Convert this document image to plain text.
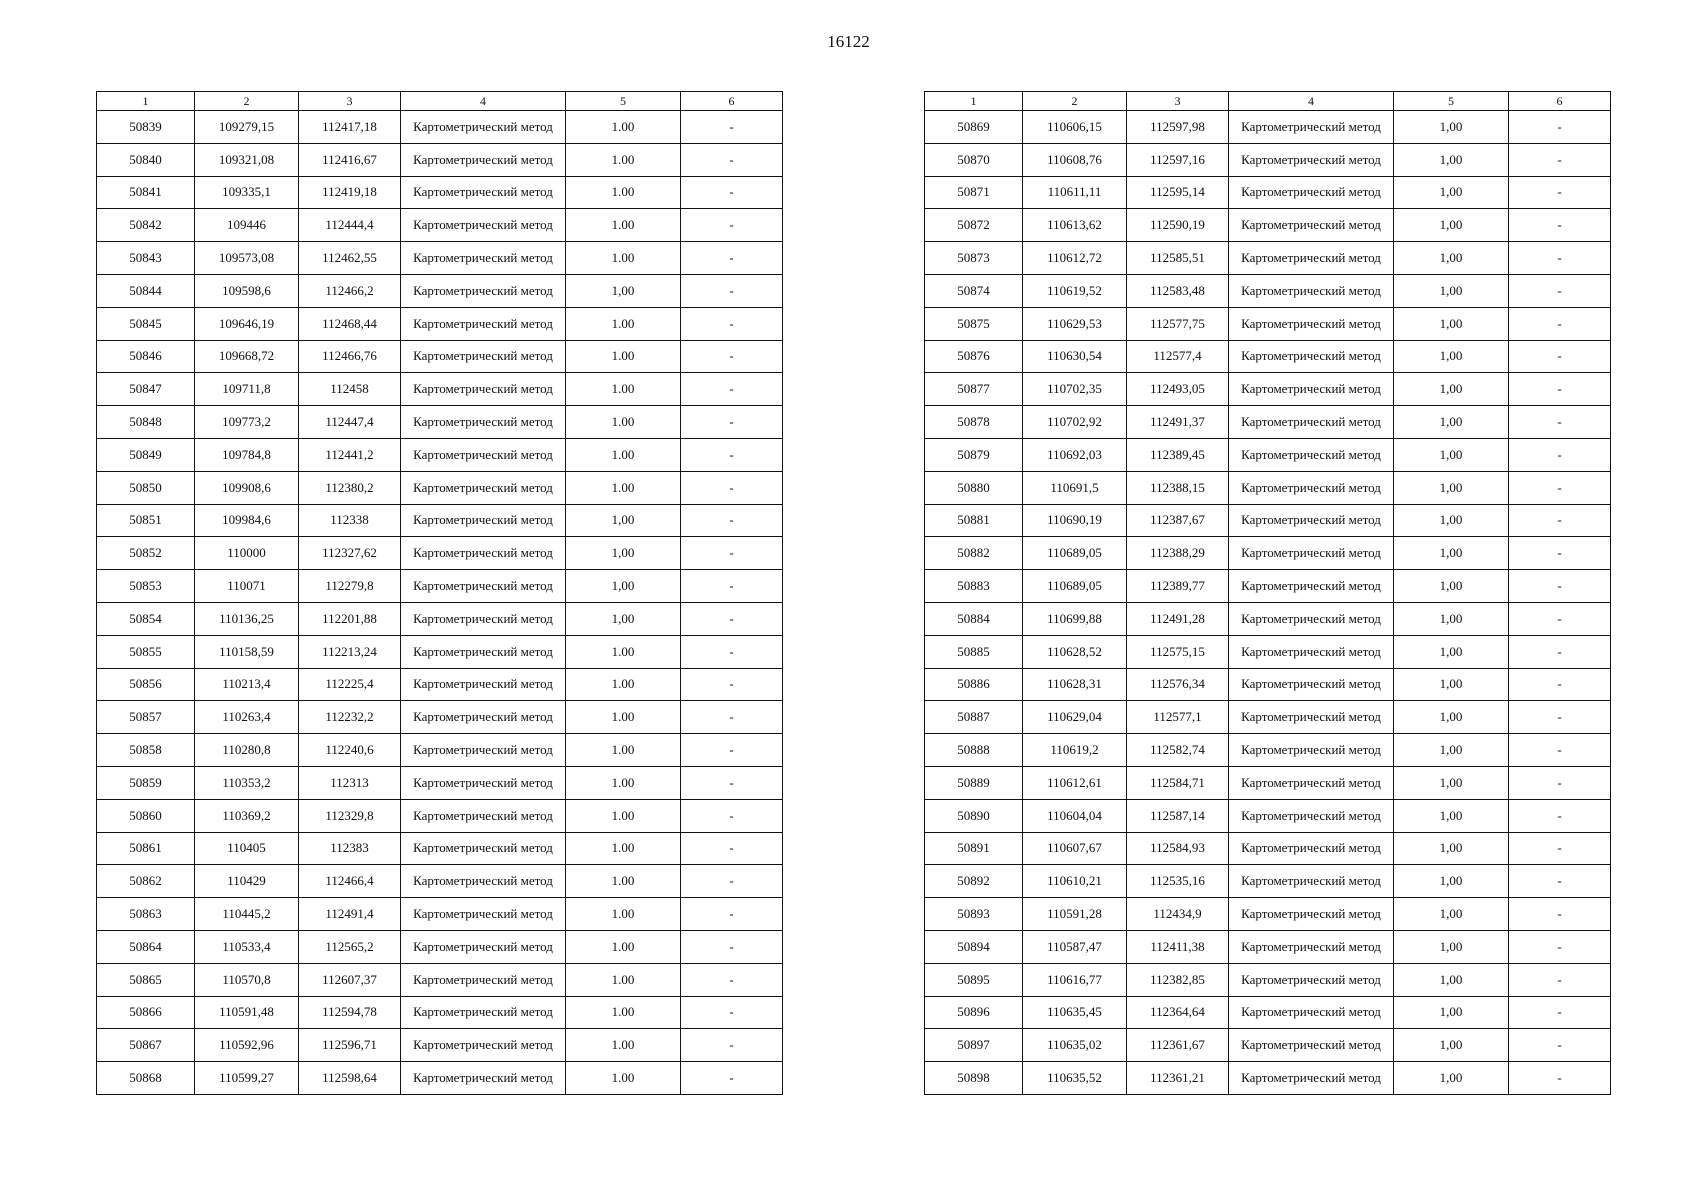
16122
1	2	3	4	5	6
50839	109279,15	112417,18	Картометрический метод	1.00	-
50840	109321,08	112416,67	Картометрический метод	1.00	-
50841	109335,1	112419,18	Картометрический метод	1.00	-
50842	109446	112444,4	Картометрический метод	1.00	-
50843	109573,08	112462,55	Картометрический метод	1.00	-
50844	109598,6	112466,2	Картометрический метод	1,00	-
50845	109646,19	112468,44	Картометрический метод	1.00	-
50846	109668,72	112466,76	Картометрический метод	1.00	-
50847	109711,8	112458	Картометрический метод	1.00	-
50848	109773,2	112447,4	Картометрический метод	1.00	-
50849	109784,8	112441,2	Картометрический метод	1.00	-
50850	109908,6	112380,2	Картометрический метод	1.00	-
50851	109984,6	112338	Картометрический метод	1,00	-
50852	110000	112327,62	Картометрический метод	1,00	-
50853	110071	112279,8	Картометрический метод	1,00	-
50854	110136,25	112201,88	Картометрический метод	1,00	-
50855	110158,59	112213,24	Картометрический метод	1.00	-
50856	110213,4	112225,4	Картометрический метод	1.00	-
50857	110263,4	112232,2	Картометрический метод	1.00	-
50858	110280,8	112240,6	Картометрический метод	1.00	-
50859	110353,2	112313	Картометрический метод	1.00	-
50860	110369,2	112329,8	Картометрический метод	1.00	-
50861	110405	112383	Картометрический метод	1.00	-
50862	110429	112466,4	Картометрический метод	1.00	-
50863	110445,2	112491,4	Картометрический метод	1.00	-
50864	110533,4	112565,2	Картометрический метод	1.00	-
50865	110570,8	112607,37	Картометрический метод	1.00	-
50866	110591,48	112594,78	Картометрический метод	1.00	-
50867	110592,96	112596,71	Картометрический метод	1.00	-
50868	110599,27	112598,64	Картометрический метод	1.00	-
1	2	3	4	5	6
50869	110606,15	112597,98	Картометрический метод	1,00	-
50870	110608,76	112597,16	Картометрический метод	1,00	-
50871	110611,11	112595,14	Картометрический метод	1,00	-
50872	110613,62	112590,19	Картометрический метод	1,00	-
50873	110612,72	112585,51	Картометрический метод	1,00	-
50874	110619,52	112583,48	Картометрический метод	1,00	-
50875	110629,53	112577,75	Картометрический метод	1,00	-
50876	110630,54	112577,4	Картометрический метод	1,00	-
50877	110702,35	112493,05	Картометрический метод	1,00	-
50878	110702,92	112491,37	Картометрический метод	1,00	-
50879	110692,03	112389,45	Картометрический метод	1,00	-
50880	110691,5	112388,15	Картометрический метод	1,00	-
50881	110690,19	112387,67	Картометрический метод	1,00	-
50882	110689,05	112388,29	Картометрический метод	1,00	-
50883	110689,05	112389,77	Картометрический метод	1,00	-
50884	110699,88	112491,28	Картометрический метод	1,00	-
50885	110628,52	112575,15	Картометрический метод	1,00	-
50886	110628,31	112576,34	Картометрический метод	1,00	-
50887	110629,04	112577,1	Картометрический метод	1,00	-
50888	110619,2	112582,74	Картометрический метод	1,00	-
50889	110612,61	112584,71	Картометрический метод	1,00	-
50890	110604,04	112587,14	Картометрический метод	1,00	-
50891	110607,67	112584,93	Картометрический метод	1,00	-
50892	110610,21	112535,16	Картометрический метод	1,00	-
50893	110591,28	112434,9	Картометрический метод	1,00	-
50894	110587,47	112411,38	Картометрический метод	1,00	-
50895	110616,77	112382,85	Картометрический метод	1,00	-
50896	110635,45	112364,64	Картометрический метод	1,00	-
50897	110635,02	112361,67	Картометрический метод	1,00	-
50898	110635,52	112361,21	Картометрический метод	1,00	-
